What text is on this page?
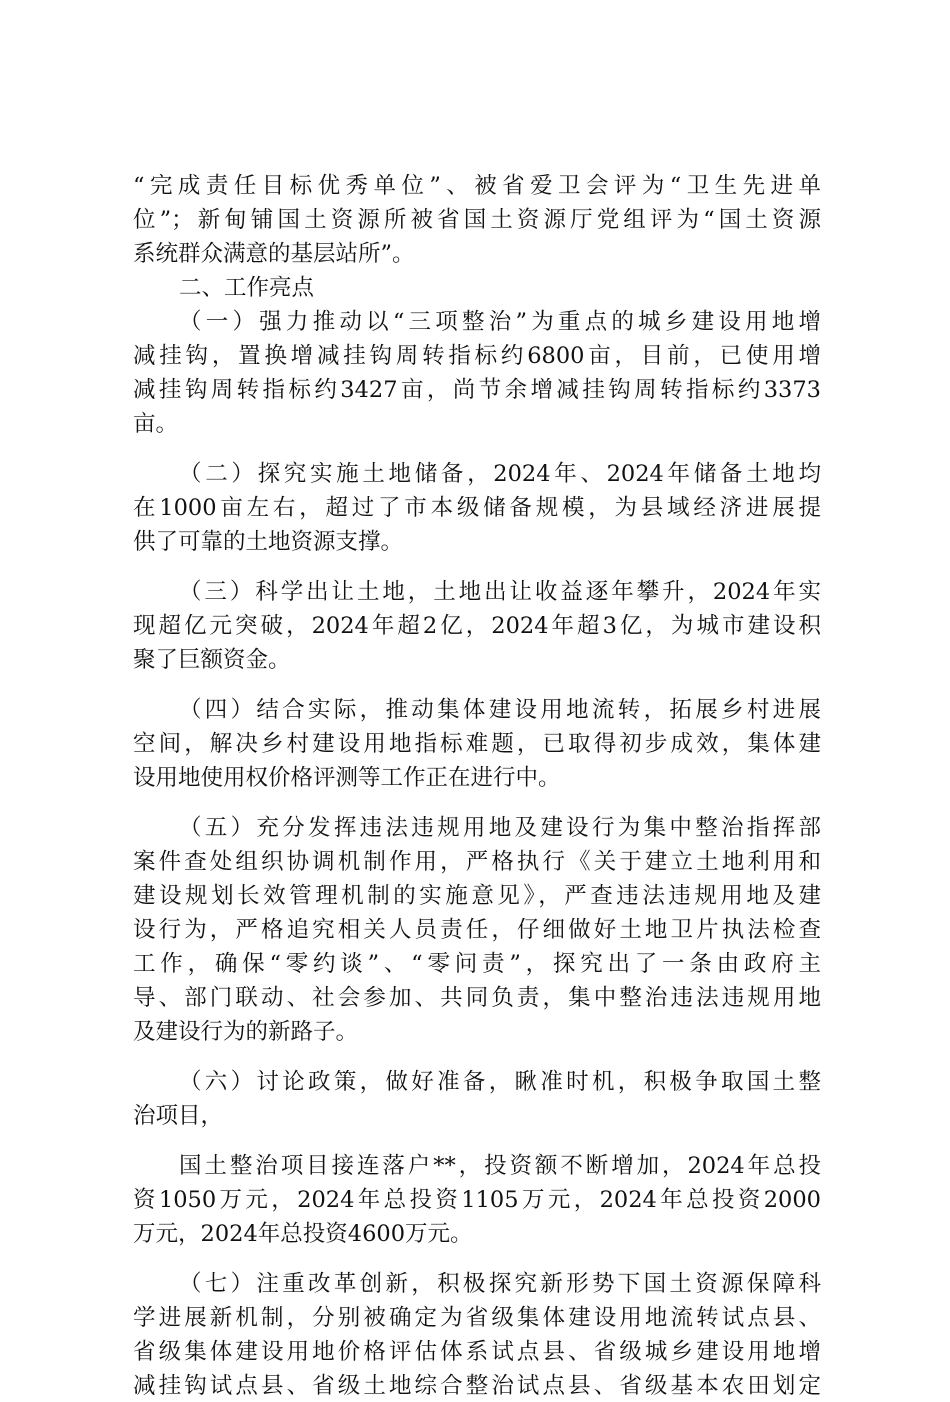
“完成责任目标优秀单位”、被省爱卫会评为“卫生先进单
位”；新甸铺国土资源所被省国土资源厅党组评为“国土资源
系统群众满意的基层站所”。
二、工作亮点
（一）强力推动以“三项整治”为重点的城乡建设用地增
减挂钩，置换增减挂钩周转指标约6800亩，目前，已使用增
减挂钩周转指标约3427亩，尚节余增减挂钩周转指标约3373
亩。
（二）探究实施土地储备，2024年、2024年储备土地均
在1000亩左右，超过了市本级储备规模，为县域经济进展提
供了可靠的土地资源支撑。
（三）科学出让土地，土地出让收益逐年攀升，2024年实
现超亿元突破，2024年超2亿，2024年超3亿，为城市建设积
聚了巨额资金。
（四）结合实际，推动集体建设用地流转，拓展乡村进展
空间，解决乡村建设用地指标难题，已取得初步成效，集体建
设用地使用权价格评测等工作正在进行中。
（五）充分发挥违法违规用地及建设行为集中整治指挥部
案件查处组织协调机制作用，严格执行《关于建立土地利用和
建设规划长效管理机制的实施意见》，严查违法违规用地及建
设行为，严格追究相关人员责任，仔细做好土地卫片执法检查
工作，确保“零约谈”、“零问责”，探究出了一条由政府主
导、部门联动、社会参加、共同负责，集中整治违法违规用地
及建设行为的新路子。
（六）讨论政策，做好准备，瞅准时机，积极争取国土整
治项目，
国土整治项目接连落户**，投资额不断增加，2024年总投
资1050万元，2024年总投资1105万元，2024年总投资2000
万元，2024年总投资4600万元。
（七）注重改革创新，积极探究新形势下国土资源保障科
学进展新机制，分别被确定为省级集体建设用地流转试点县、
省级集体建设用地价格评估体系试点县、省级城乡建设用地增
减挂钩试点县、省级土地综合整治试点县、省级基本农田划定
